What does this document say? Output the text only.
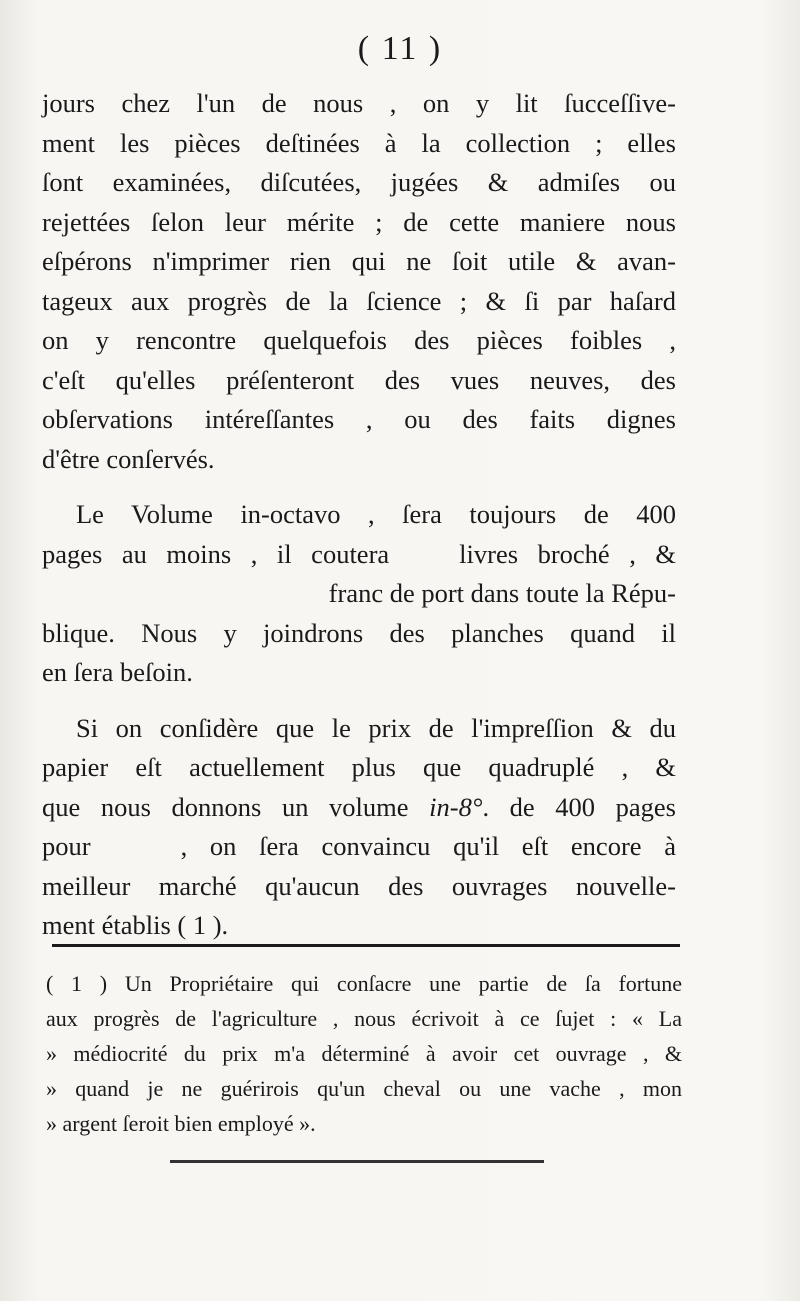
( 11 )

jours chez l'un de nous , on y lit ſucceſſive-
ment les pièces deſtinées à la collection ; elles
ſont examinées, diſcutées, jugées & admiſes ou
rejettées ſelon leur mérite ; de cette maniere nous
eſpérons n'imprimer rien qui ne ſoit utile & avan-
tageux aux progrès de la ſcience ; & ſi par haſard
on y rencontre quelquefois des pièces foibles ,
c'eſt qu'elles préſenteront des vues neuves, des
obſervations intéreſſantes , ou des faits dignes
d'être conſervés.

Le Volume in-octavo , ſera toujours de 400
pages au moins , il coutera	livres broché , &
franc de port dans toute la Répu-
blique. Nous y joindrons des planches quand il
en ſera beſoin.

Si on conſidère que le prix de l'impreſſion & du
papier eſt actuellement plus que quadruplé , &
que nous donnons un volume in-8°. de 400 pages
pour	, on ſera convaincu qu'il eſt encore à
meilleur marché qu'aucun des ouvrages nouvelle-
ment établis ( 1 ).

( 1 ) Un Propriétaire qui conſacre une partie de ſa fortune
aux progrès de l'agriculture , nous écrivoit à ce ſujet : « La
» médiocrité du prix m'a déterminé à avoir cet ouvrage , &
» quand je ne guérirois qu'un cheval ou une vache , mon
» argent ſeroit bien employé ».
